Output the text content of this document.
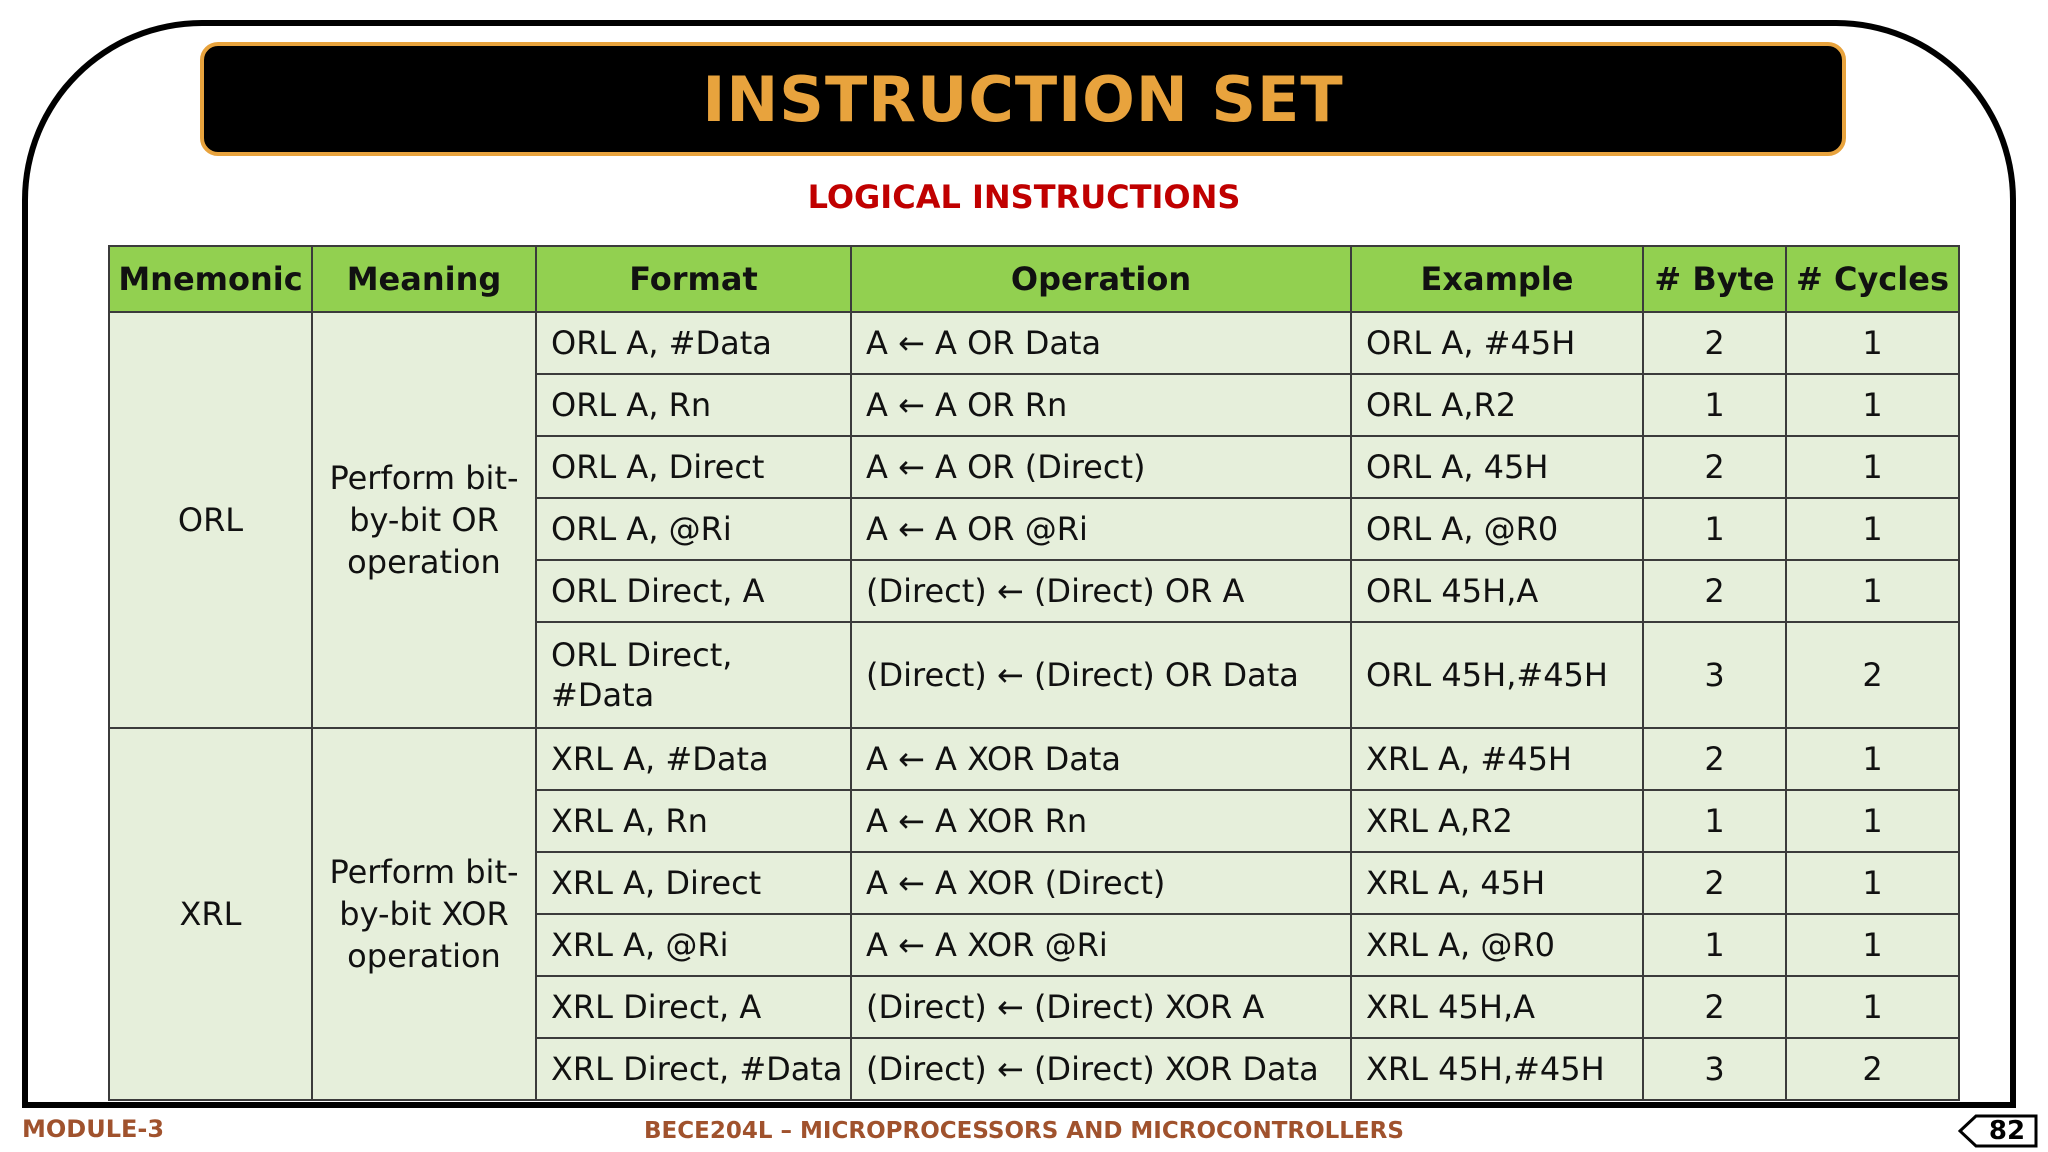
INSTRUCTION SET
LOGICAL INSTRUCTIONS
Mnemonic	Meaning	Format	Operation	Example	# Byte	# Cycles
ORL	Perform bit-by-bit OR operation	ORL A, #Data	A ← A OR Data	ORL A, #45H	2	1
		ORL A, Rn	A ← A OR Rn	ORL A,R2	1	1
		ORL A, Direct	A ← A OR (Direct)	ORL A, 45H	2	1
		ORL A, @Ri	A ← A OR @Ri	ORL A, @R0	1	1
		ORL Direct, A	(Direct) ← (Direct) OR A	ORL 45H,A	2	1
		ORL Direct, #Data	(Direct) ← (Direct) OR Data	ORL 45H,#45H	3	2
XRL	Perform bit-by-bit XOR operation	XRL A, #Data	A ← A XOR Data	XRL A, #45H	2	1
		XRL A, Rn	A ← A XOR Rn	XRL A,R2	1	1
		XRL A, Direct	A ← A XOR (Direct)	XRL A, 45H	2	1
		XRL A, @Ri	A ← A XOR @Ri	XRL A, @R0	1	1
		XRL Direct, A	(Direct) ← (Direct) XOR A	XRL 45H,A	2	1
		XRL Direct, #Data	(Direct) ← (Direct) XOR Data	XRL 45H,#45H	3	2
MODULE-3	BECE204L – MICROPROCESSORS AND MICROCONTROLLERS	82
